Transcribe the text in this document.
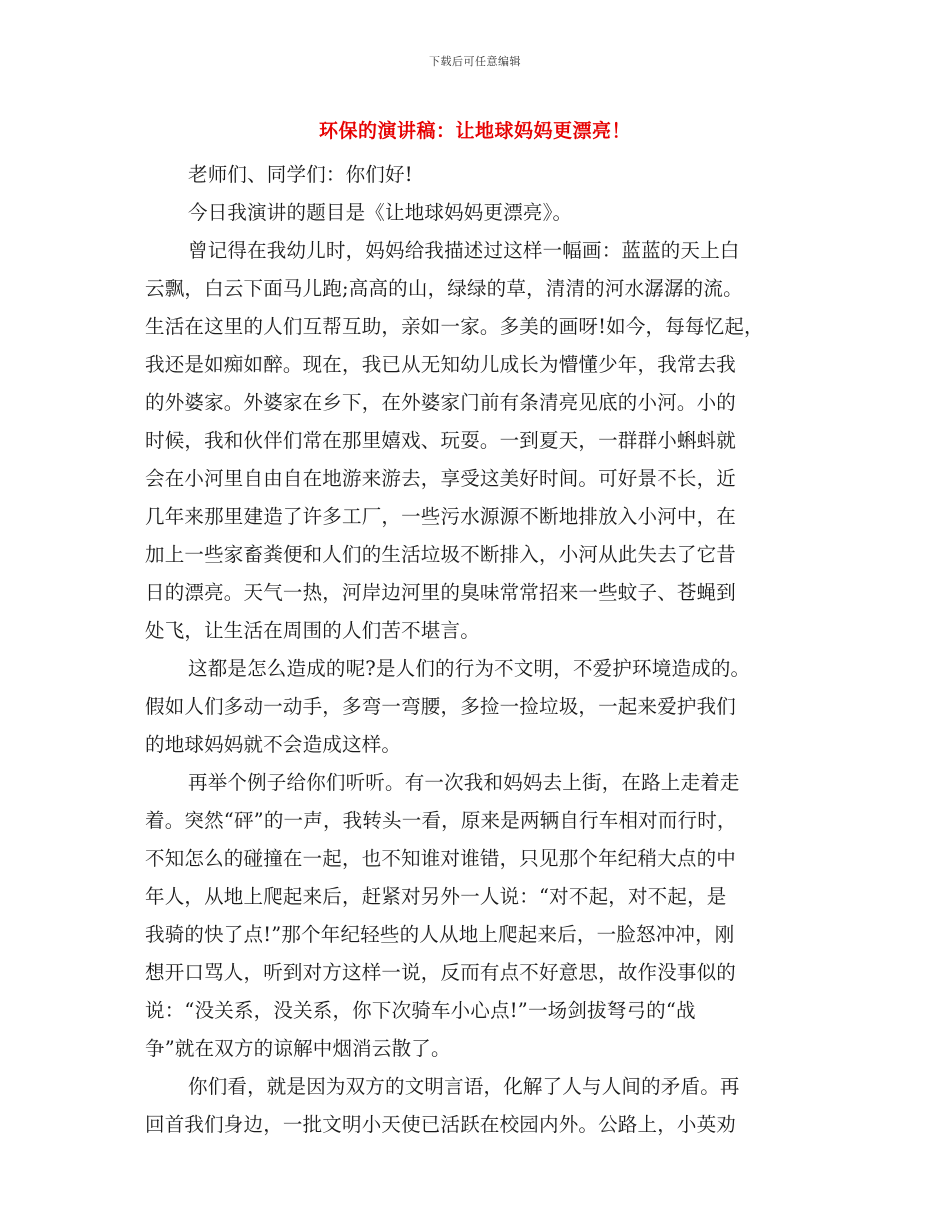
下载后可任意编辑
环保的演讲稿：让地球妈妈更漂亮！
老师们、同学们：你们好!
今日我演讲的题目是《让地球妈妈更漂亮》。
曾记得在我幼儿时，妈妈给我描述过这样一幅画：蓝蓝的天上白
云飘，白云下面马儿跑;高高的山，绿绿的草，清清的河水潺潺的流。
生活在这里的人们互帮互助，亲如一家。多美的画呀!如今，每每忆起，
我还是如痴如醉。现在，我已从无知幼儿成长为懵懂少年，我常去我
的外婆家。外婆家在乡下，在外婆家门前有条清亮见底的小河。小的
时候，我和伙伴们常在那里嬉戏、玩耍。一到夏天，一群群小蝌蚪就
会在小河里自由自在地游来游去，享受这美好时间。可好景不长，近
几年来那里建造了许多工厂，一些污水源源不断地排放入小河中，在
加上一些家畜粪便和人们的生活垃圾不断排入，小河从此失去了它昔
日的漂亮。天气一热，河岸边河里的臭味常常招来一些蚊子、苍蝇到
处飞，让生活在周围的人们苦不堪言。
这都是怎么造成的呢?是人们的行为不文明，不爱护环境造成的。
假如人们多动一动手，多弯一弯腰，多捡一捡垃圾，一起来爱护我们
的地球妈妈就不会造成这样。
再举个例子给你们听听。有一次我和妈妈去上街，在路上走着走
着。突然“砰”的一声，我转头一看，原来是两辆自行车相对而行时，
不知怎么的碰撞在一起，也不知谁对谁错，只见那个年纪稍大点的中
年人，从地上爬起来后，赶紧对另外一人说：“对不起，对不起，是
我骑的快了点!”那个年纪轻些的人从地上爬起来后，一脸怒冲冲，刚
想开口骂人，听到对方这样一说，反而有点不好意思，故作没事似的
说：“没关系，没关系，你下次骑车小心点!”一场剑拔弩弓的“战
争”就在双方的谅解中烟消云散了。
你们看，就是因为双方的文明言语，化解了人与人间的矛盾。再
回首我们身边，一批文明小天使已活跃在校园内外。公路上，小英劝
